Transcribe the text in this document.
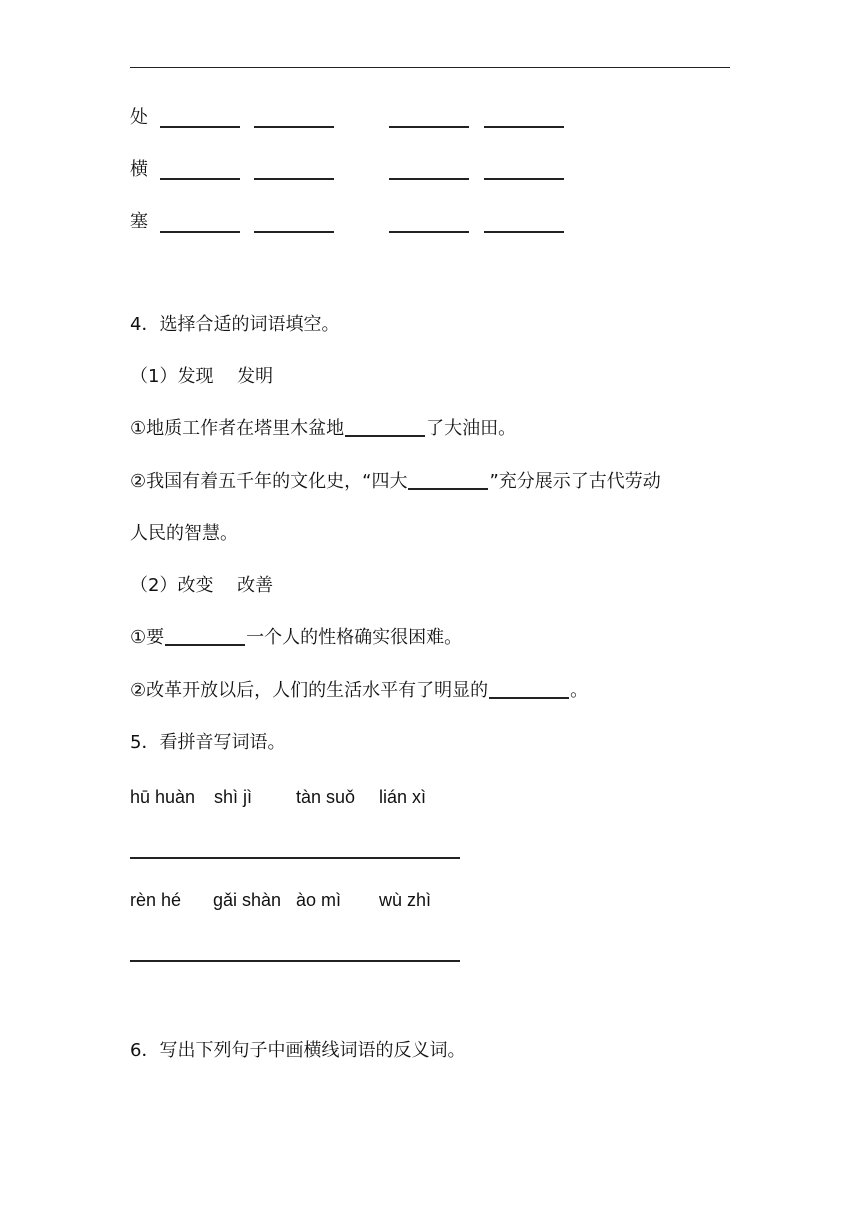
处
横
塞
4．选择合适的词语填空。
（1）发现　 发明
①地质工作者在塔里木盆地	了大油田。
②我国有着五千年的文化史，“四大	”充分展示了古代劳动
人民的智慧。
（2）改变　 改善
①要	一个人的性格确实很困难。
②改革开放以后，人们的生活水平有了明显的	。
5．看拼音写词语。
hū huàn	shì jì tàn suǒ lián xì
rèn hé gǎi shàn ào mì wù zhì
6．写出下列句子中画横线词语的反义词。
